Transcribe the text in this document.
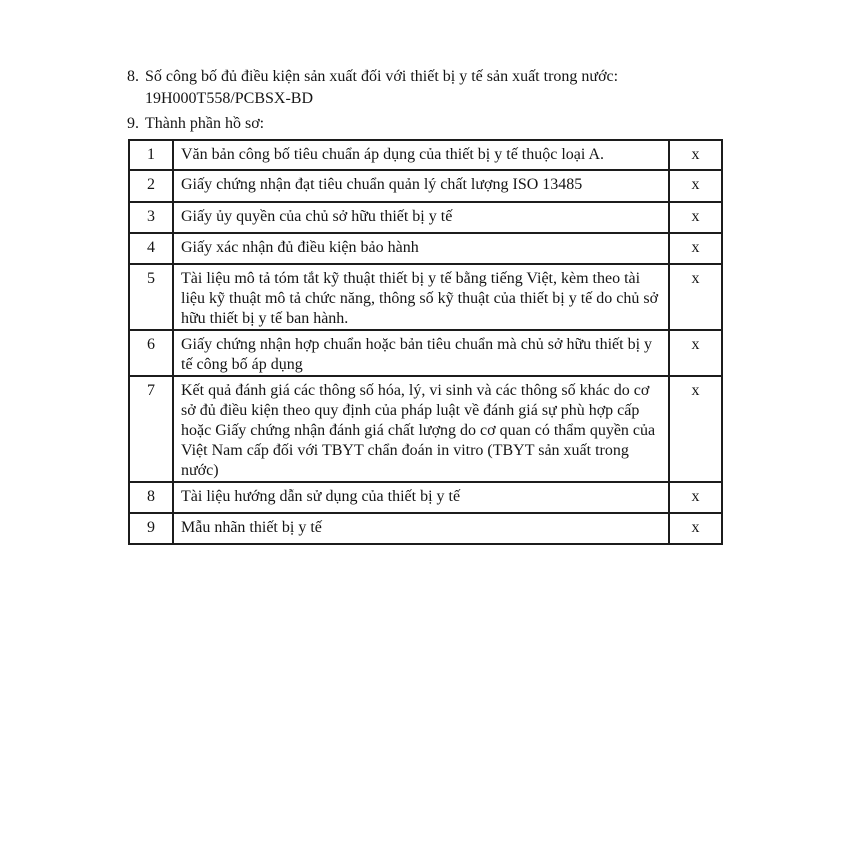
8. Số công bố đủ điều kiện sản xuất đối với thiết bị y tế sản xuất trong nước:
19H000T558/PCBSX-BD
9. Thành phần hồ sơ:
1	Văn bản công bố tiêu chuẩn áp dụng của thiết bị y tế thuộc loại A.	x
2	Giấy chứng nhận đạt tiêu chuẩn quản lý chất lượng ISO 13485	x
3	Giấy ủy quyền của chủ sở hữu thiết bị y tế	x
4	Giấy xác nhận đủ điều kiện bảo hành	x
5	Tài liệu mô tả tóm tắt kỹ thuật thiết bị y tế bằng tiếng Việt, kèm theo tài liệu kỹ thuật mô tả chức năng, thông số kỹ thuật của thiết bị y tế do chủ sở hữu thiết bị y tế ban hành.	x
6	Giấy chứng nhận hợp chuẩn hoặc bản tiêu chuẩn mà chủ sở hữu thiết bị y tế công bố áp dụng	x
7	Kết quả đánh giá các thông số hóa, lý, vi sinh và các thông số khác do cơ sở đủ điều kiện theo quy định của pháp luật về đánh giá sự phù hợp cấp hoặc Giấy chứng nhận đánh giá chất lượng do cơ quan có thẩm quyền của Việt Nam cấp đối với TBYT chẩn đoán in vitro (TBYT sản xuất trong nước)	x
8	Tài liệu hướng dẫn sử dụng của thiết bị y tế	x
9	Mẫu nhãn thiết bị y tế	x
